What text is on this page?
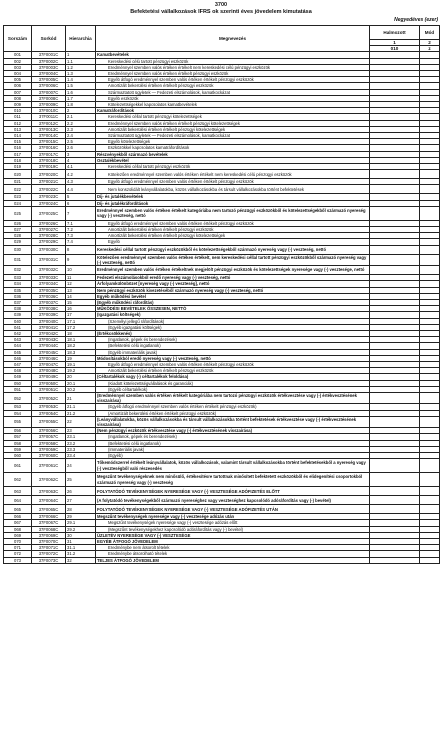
3700
Befektetési vállalkozások IFRS ok szerinti éves jövedelem kimutatása
Negyedéves (ezer)
Sorszám	Sorkód	Hierarchia	Megnevezés	Halmozott	Mód
				1	2
				010	z
001	37F0001C	1	Kamatbevételek		
002	37F0002C	1.1	Kereskedési célú tartott pénzügyi eszközök		
003	37F0003C	1.2	Eredménnyel szemben valós értéken értékelt nem kereskedési célú pénzügyi eszközök		
004	37F0004C	1.3	Eredménnyel szemben valós értéken értékelt pénzügyi eszközök		
005	37F0005C	1.4	Egyéb átfogó eredménnyel szemben valós értéken értékelt pénzügyi eszközök		
006	37F0006C	1.5	Amortizált bekerülési értéken értékelt pénzügyi eszközök		
007	37F0007C	1.6	Származtatott ügyletek — Fedezeti elszámolások, kamatkockázat		
008	37F0008C	1.7	Egyéb eszközök		
009	37F0009C	1.8	Kötelezettségekkel kapcsolatos kamatbevételek		
010	37F0010C	2	Kamatráfordítások		
011	37F0011C	2.1	Kereskedési céllal tartott pénzügyi kötelezettségek		
012	37F0012C	2.2	Eredménnyel szemben valós értéken értékelt pénzügyi kötelezettségek		
013	37F0013C	2.3	Amortizált bekerülési értéken értékelt pénzügyi kötelezettségek		
014	37F0014C	2.4	Származtatott ügyletek — Fedezeti elszámolások, kamatkockázat		
015	37F0015C	2.5	Egyéb kötelezettségek		
016	37F0016C	2.6	Eszközökkel kapcsolatos kamatráfordítások		
017	37F0017C	3	Részvényekből származó bevételek		
018	37F0018C	4	Osztalékbevétel		
019	37F0019C	4.1	Kereskedési céllal tartott pénzügyi eszközök		
020	37F0020C	4.2	Kötelezően eredménnyel szemben valós értéken értékelt nem kereskedési célú pénzügyi eszközök		
021	37F0021C	4.3	Egyéb átfogó eredménnyel szemben valós értéken értékelt pénzügyi eszközök		
022	37F0022C	4.4	Nem konszolidált leányvállalatokba, közös vállalkozásokba és társult vállalkozásokba történt befektetések		
023	37F0023C	5	Díj- és jutalékbevételek		
024	37F0024C	6	Díj- és jutalékráfordítások		
025	37F0025C	7	Eredménnyel szemben valós értéken értékelt kategóriába nem tartozó pénzügyi eszközökből és kötelezettségekből származó nyereség vagy (-) veszteség, nettó		
026	37F0026C	7.1	Egyéb átfogó eredménnyel szemben valós értéken értékelt pénzügyi eszközök		
027	37F0027C	7.2	Amortizált bekerülési értéken értékelt pénzügyi eszközök		
028	37F0028C	7.3	Amortizált bekerülési értéken értékelt pénzügyi kötelezettségek		
029	37F0029C	7.4	Egyéb		
030	37F0030C	8	Kereskedési céllal tartott pénzügyi eszközökből és kötelezettségekből származó nyereség vagy (-) veszteség, nettó		
031	37F0031C	9	Kötelezően eredménnyel szemben valós értéken értékelt, nem kereskedési céllal tartott pénzügyi eszközökből származó nyereség vagy (-) veszteség, nettó		
032	37F0032C	10	Eredménnyel szemben valós értéken értékeltnek megjelölt pénzügyi eszközök és kötelezettségek nyeresége vagy (-) vesztesége, nettó		
033	37F0033C	11	Fedezeti elszámolásokból eredő nyereség vagy (-) veszteség, nettó		
034	37F0034C	12	Árfolyamkülönbözet [nyereség vagy (-) veszteség], nettó		
035	37F0035C	13	Nem pénzügyi eszközök kivezetéséből származó nyereség vagy (-) veszteség, nettó		
036	37F0036C	14	Egyéb működési bevétel		
037	37F0037C	15	(Egyéb működési ráfordítás)		
038	37F0038C	16	MŰKÖDÉSI BEVÉTELEK ÖSSZESEN, NETTÓ		
039	37F0039C	17	(Igazgatási költségek)		
040	37F0040C	17.1	(Személyi jellegű ráfordítások)		
041	37F0041C	17.2	(Egyéb igazgatási költségek)		
042	37F0042C	18	(Értékcsökkenés)		
043	37F0043C	18.1	(Ingatlanok, gépek és berendezések)		
044	37F0044C	18.2	(Befektetési célú ingatlanok)		
045	37F0045C	18.3	(Egyéb immateriális javak)		
046	37F0046C	19	Módosításokból eredő nyereség vagy (-) veszteség, nettó		
047	37F0047C	19.1	Egyéb átfogó eredménnyel szemben valós értéken értékelt pénzügyi eszközök		
048	37F0048C	19.2	Amortizált bekerülési értéken értékelt pénzügyi eszközök		
049	37F0049C	20	(Céltartalékok vagy (-) céltartalékok feloldása)		
050	37F0050C	20.1	(Kiadott kötelezettségvállalások és garanciák)		
051	37F0051C	20.2	(Egyéb céltartalékok)		
052	37F0052C	21	(Eredménnyel szemben valós értéken értékelt kategóriába nem tartozó pénzügyi eszközök értékvesztése vagy (-) értékvesztésének visszaírása)		
053	37F0053C	21.1	(Egyéb átfogó eredménnyel szemben valós értéken értékelt pénzügyi eszközök)		
054	37F0054C	21.2	(Amortizált bekerülési értéken értékelt pénzügyi eszközök)		
055	37F0055C	22	(Leányvállalatokba, közös vállalkozásokba és társult vállalkozásokba történt befektetések értékvesztése vagy (-) értékvesztésének visszaírása)		
056	37F0056C	23	(Nem pénzügyi eszközök értékvesztése vagy (-) értékvesztésének visszaírása)		
057	37F0057C	23.1	(Ingatlanok, gépek és berendezések)		
058	37F0058C	23.2	(Befektetési célú ingatlanok)		
059	37F0059C	23.3	(Immateriális javak)		
060	37F0060C	23.4	(Egyéb)		
061	37F0061C	24	Tőkemódszerrel értékelt leányvállalatok, közös vállalkozások, valamint társult vállalkozásokba történt befektetésekből a nyereség vagy (-) veszteségből való részesedés		
062	37F0062C	25	Megszűnt tevékenységeknek nem minősülő, értékesítésre tartottnak minősített befektetett eszközökből és elidegenítési csoportokból származó nyereség vagy (-) veszteség		
063	37F0063C	26	FOLYTATÓDÓ TEVÉKENYSÉGEK NYERESÉGE VAGY (-) VESZTESÉGE ADÓFIZETÉS ELŐTT		
064	37F0064C	27	(A folytatódó tevékenységekből származó nyereséghez vagy veszteséghez kapcsolódó adóráfordítás vagy (-) bevétel)		
065	37F0065C	28	FOLYTATÓDÓ TEVÉKENYSÉGEK NYERESÉGE VAGY (-) VESZTESÉGE ADÓFIZETÉS UTÁN		
066	37F0066C	29	Megszűnt tevékenységek nyeresége vagy (-) vesztesége adózás után		
067	37F0067C	29.1	Megszűnt tevékenységek nyeresége vagy (-) vesztesége adózás előtt		
068	37F0068C	29.2	(Megszűnt tevékenységekhez kapcsolódó adóráfordítás vagy (-) bevétel)		
069	37F0069C	30	ÜZLETÉV NYERESÉGE VAGY (-) VESZTESÉGE		
070	37F0070C	31	EGYÉB ÁTFOGÓ JÖVEDELEM		
071	37F0071C	31.1	Eredménybe nem átsorolt tételek		
072	37F0072C	31.2	Eredménybe átsorolható tételek		
073	37F0073C	32	TELJES ÁTFOGÓ JÖVEDELEM		
